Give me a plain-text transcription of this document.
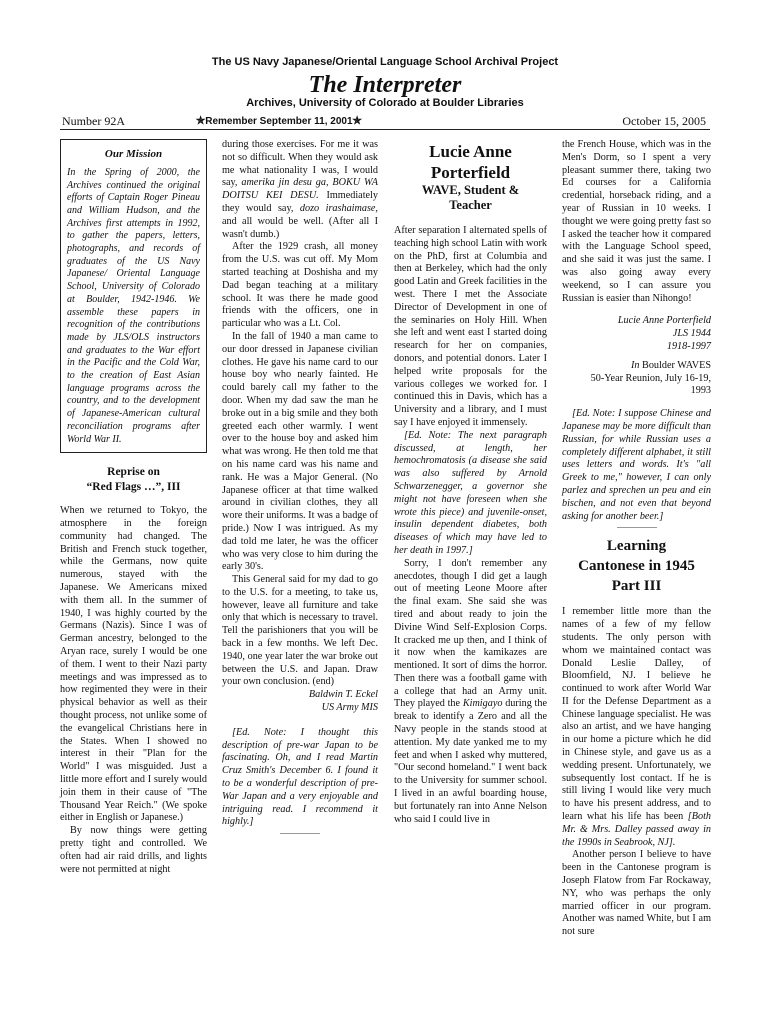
The US Navy Japanese/Oriental Language School Archival Project
The Interpreter
Archives, University of Colorado at Boulder Libraries
Number 92A	✯Remember September 11, 2001✯	October 15, 2005
Our Mission

In the Spring of 2000, the Archives continued the original efforts of Captain Roger Pineau and William Hudson, and the Archives first attempts in 1992, to gather the papers, letters, photographs, and records of graduates of the US Navy Japanese/ Oriental Language School, University of Colorado at Boulder, 1942-1946. We assemble these papers in recognition of the contributions made by JLS/OLS instructors and graduates to the War effort in the Pacific and the Cold War, to the creation of East Asian language programs across the country, and to the development of Japanese-American cultural reconciliation programs after World War II.

Reprise on
“Red Flags …”, III

When we returned to Tokyo, the atmosphere in the foreign community had changed. The British and French stuck together, while the Germans, now quite numerous, stayed with the Japanese. We Americans mixed with them all. In the summer of 1940, I was highly courted by the Germans (Nazis). Since I was of German ancestry, belonged to the Aryan race, surely I would be one of them. I went to their Nazi party meetings and was impressed as to how regimented they were in their physical behavior as well as their thought process, not unlike some of the evangelical Christians here in the States. When I showed no interest in their "Plan for the World" I was misguided. Just a little more effort and I surely would join them in their cause of "The Thousand Year Reich." (We spoke either in English or Japanese.)

By now things were getting pretty tight and controlled. We often had air raid drills, and lights were not permitted at night

during those exercises. For me it was not so difficult. When they would ask me what nationality I was, I would say, amerika jin desu ga, BOKU WA DOITSU KEI DESU. Immediately they would say, dozo irashaimase, and all would be well. (After all I wasn't dumb.)

After the 1929 crash, all money from the U.S. was cut off. My Mom started teaching at Doshisha and my Dad began teaching at a military school. It was there he made good friends with the officers, one in particular who was a Lt. Col.

In the fall of 1940 a man came to our door dressed in Japanese civilian clothes. He gave his name card to our house boy who nearly fainted. He could barely call my father to the door. When my dad saw the man he broke out in a big smile and they both greeted each other warmly. I went over to the house boy and asked him what was wrong. He then told me that on his name card was his name and rank. He was a Major General. (No Japanese officer at that time walked around in civilian clothes, they all wore their uniforms. It was a badge of pride.) Now I was intrigued. As my dad told me later, he was the officer who was very close to him during the early 30's.

This General said for my dad to go to the U.S. for a meeting, to take us, however, leave all furniture and take only that which is necessary to travel. Tell the parishioners that you will be back in a few months. We left Dec. 1940, one year later the war broke out between the U.S. and Japan. Draw your own conclusion. (end)

Baldwin T. Eckel

US Army MIS

[Ed. Note: I thought this description of pre-war Japan to be fascinating. Oh, and I read Martin Cruz Smith's December 6. I found it to be a wonderful description of pre-War Japan and a very enjoyable and intriguing read. I recommend it highly.]

Lucie Anne
Porterfield
WAVE, Student &
Teacher

After separation I alternated spells of teaching high school Latin with work on the PhD, first at Columbia and then at Berkeley, which had the only good Latin and Greek facilities in the west. There I met the Associate Director of Development in one of the seminaries on Holy Hill. When she left and went east I started doing research for her on companies, donors, and potential donors. Later I helped write proposals for the various colleges we worked for. I continued this in Davis, which has a University and a library, and I must say I have enjoyed it immensely.

[Ed. Note: The next paragraph discussed, at length, her hemochromatosis (a disease she said was also suffered by Arnold Schwarzenegger, a governor she might not have foreseen when she wrote this piece) and juvenile-onset, insulin dependent diabetes, both diseases of which may have led to her death in 1997.]

Sorry, I don't remember any anecdotes, though I did get a laugh out of meeting Leone Moore after the final exam. She said she was tired and about ready to join the Divine Wind Self-Explosion Corps. It cracked me up then, and I think of it now when the kamikazes are mentioned. It sort of dims the horror. Then there was a football game with a college that had an Army unit. They played the Kimigayo during the break to identify a Zero and all the Navy people in the stands stood at attention. My date yanked me to my feet and when I asked why muttered, "Our second homeland." I went back to the University for summer school. I lived in an awful boarding house, but fortunately ran into Anne Nelson who said I could live in

the French House, which was in the Men's Dorm, so I spent a very pleasant summer there, taking two Ed courses for a California credential, horseback riding, and a year of Russian in 10 weeks. I thought we were going pretty fast so I asked the teacher how it compared with the Language School speed, and she said it was just the same. I was also going away every weekend, so I can assure you Russian is easier than Nihongo!

Lucie Anne Porterfield

JLS 1944

1918-1997

In Boulder WAVES

50-Year Reunion, July 16-19, 1993

[Ed. Note: I suppose Chinese and Japanese may be more difficult than Russian, for while Russian uses a completely different alphabet, it still uses letters and words. It's "all Greek to me," however, I can only parlez and sprechen un peu and ein bischen, and not even that beyond asking for another beer.]

Learning
Cantonese in 1945
Part III

I remember little more than the names of a few of my fellow students. The only person with whom we maintained contact was Donald Leslie Dalley, of Bloomfield, NJ. I believe he continued to work after World War II for the Defense Department as a Chinese language specialist. He was also an artist, and we have hanging in our home a picture which he did in Chinese style, and gave us as a wedding present. Unfortunately, we subsequently lost contact. If he is still living I would like very much to have his present address, and to learn what his life has been [Both Mr. & Mrs. Dalley passed away in the 1990s in Seabrook, NJ].

Another person I believe to have been in the Cantonese program is Joseph Flatow from Far Rockaway, NY, who was perhaps the only married officer in our program. Another was named White, but I am not sure
